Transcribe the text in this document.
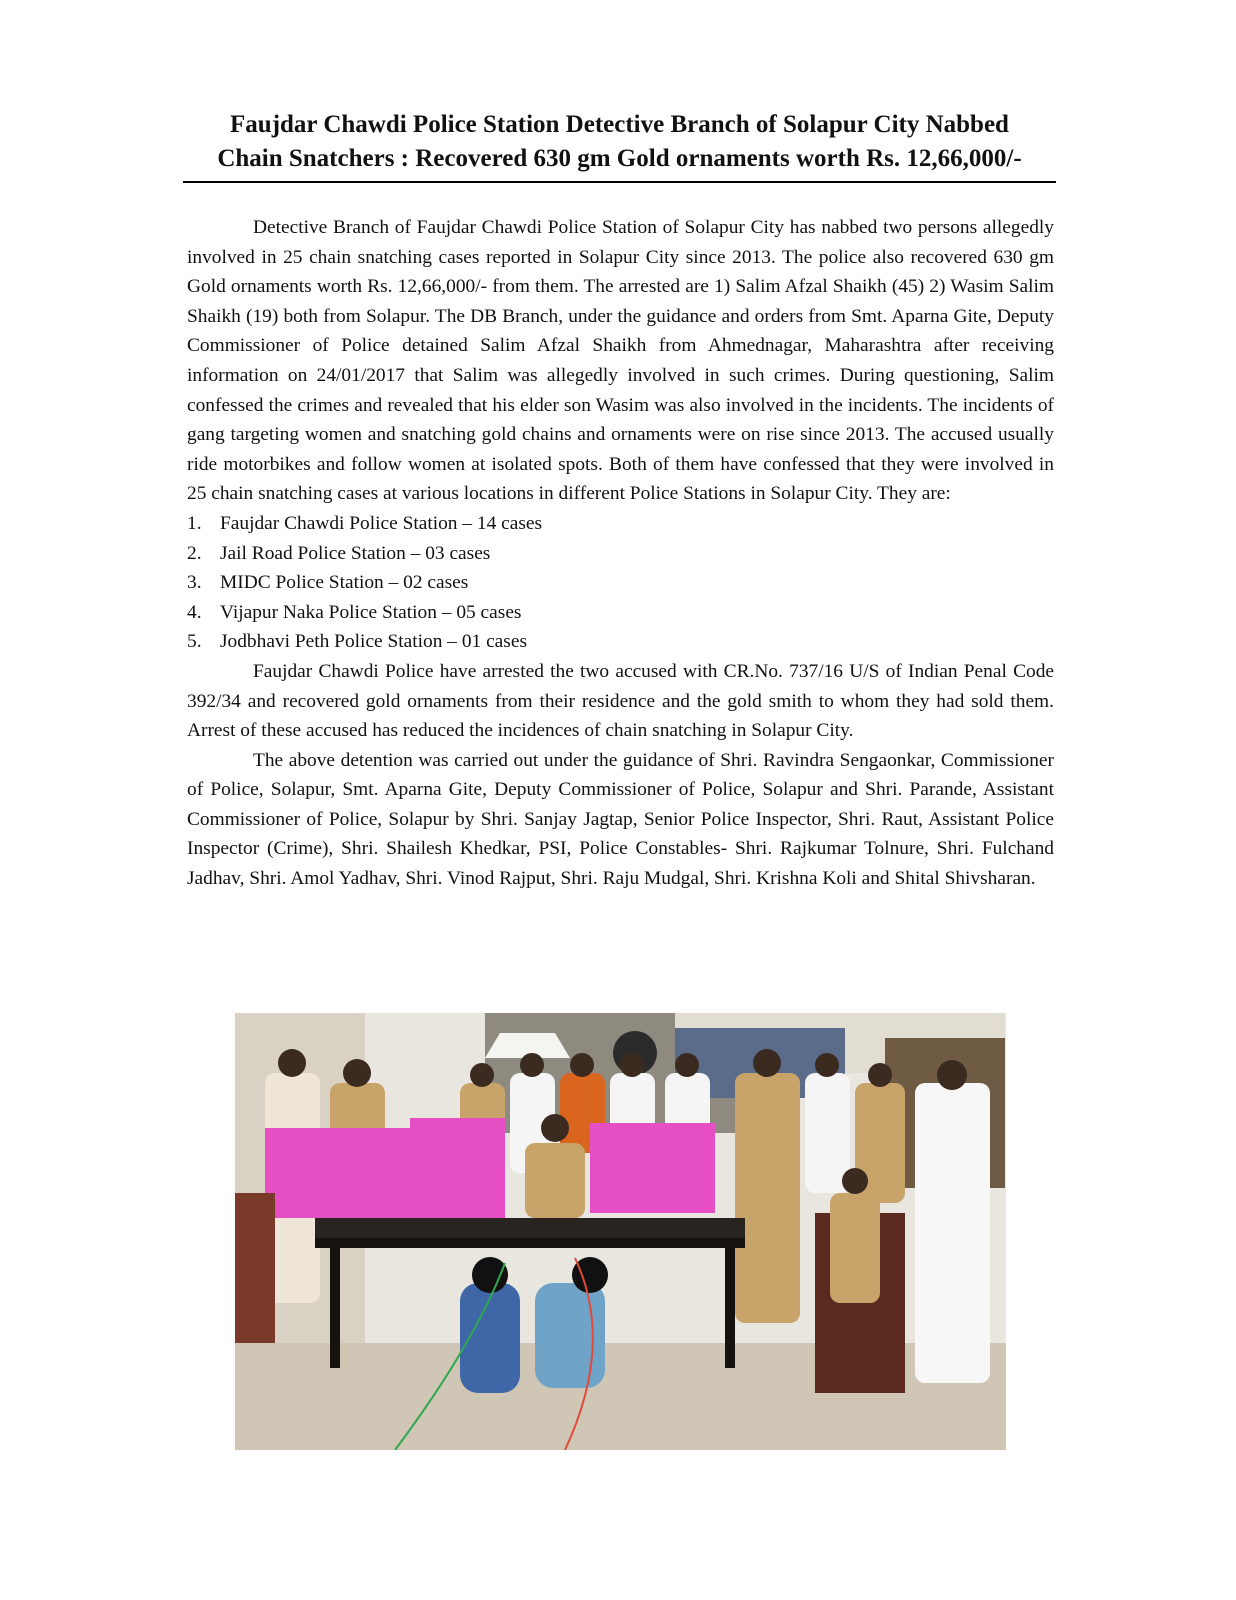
Faujdar Chawdi Police Station Detective Branch of Solapur City Nabbed
Chain Snatchers : Recovered 630 gm Gold ornaments worth Rs. 12,66,000/-

Detective Branch of Faujdar Chawdi Police Station of Solapur City has nabbed two persons allegedly involved in 25 chain snatching cases reported in Solapur City since 2013. The police also recovered 630 gm Gold ornaments worth Rs. 12,66,000/- from them. The arrested are 1) Salim Afzal Shaikh (45) 2) Wasim Salim Shaikh (19) both from Solapur. The DB Branch, under the guidance and orders from Smt. Aparna Gite, Deputy Commissioner of Police detained Salim Afzal Shaikh from Ahmednagar, Maharashtra after receiving information on 24/01/2017 that Salim was allegedly involved in such crimes. During questioning, Salim confessed the crimes and revealed that his elder son Wasim was also involved in the incidents. The incidents of gang targeting women and snatching gold chains and ornaments were on rise since 2013. The accused usually ride motorbikes and follow women at isolated spots. Both of them have confessed that they were involved in 25 chain snatching cases at various locations in different Police Stations in Solapur City. They are:

1. Faujdar Chawdi Police Station – 14 cases
2. Jail Road Police Station – 03 cases
3. MIDC Police Station – 02 cases
4. Vijapur Naka Police Station – 05 cases
5. Jodbhavi Peth Police Station – 01 cases

Faujdar Chawdi Police have arrested the two accused with CR.No. 737/16 U/S of Indian Penal Code 392/34 and recovered gold ornaments from their residence and the gold smith to whom they had sold them. Arrest of these accused has reduced the incidences of chain snatching in Solapur City.

The above detention was carried out under the guidance of Shri. Ravindra Sengaonkar, Commissioner of Police, Solapur, Smt. Aparna Gite, Deputy Commissioner of Police, Solapur and Shri. Parande, Assistant Commissioner of Police, Solapur by Shri. Sanjay Jagtap, Senior Police Inspector, Shri. Raut, Assistant Police Inspector (Crime), Shri. Shailesh Khedkar, PSI, Police Constables- Shri. Rajkumar Tolnure, Shri. Fulchand Jadhav, Shri. Amol Yadhav, Shri. Vinod Rajput, Shri. Raju Mudgal, Shri. Krishna Koli and Shital Shivsharan.
